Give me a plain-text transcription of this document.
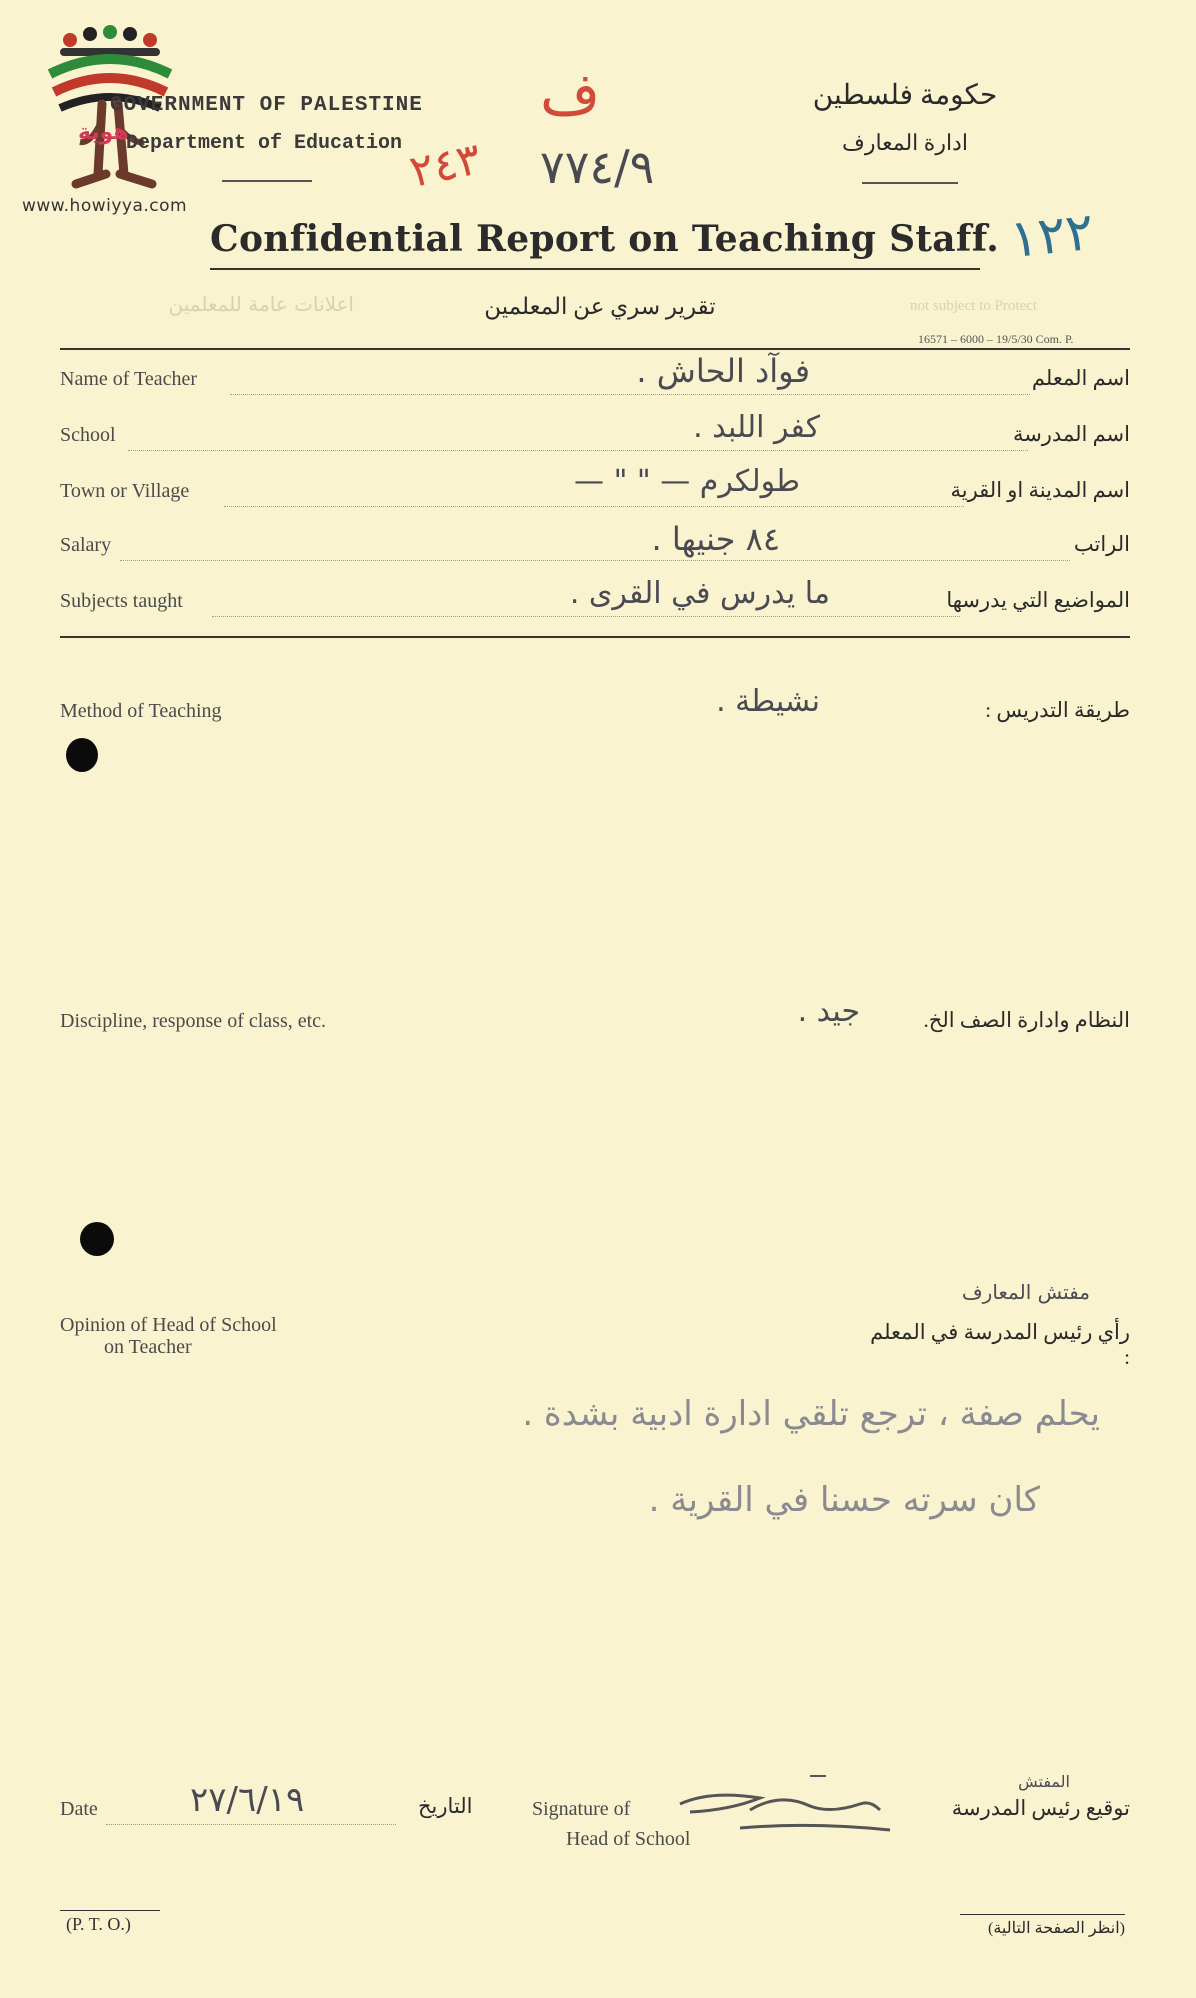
هوية
www.howiyya.com
GOVERNMENT OF PALESTINE
Department of Education
حكومة فلسطين
ادارة المعارف
ف
٢٤٣ ٧٧٤/٩
١٢٢
Confidential Report on Teaching Staff.
اعلانات عامة للمعلمين	تقرير سري عن المعلمين	not subject to Protect
16571 – 6000 – 19/5/30 Com. P.
Name of Teacher	فوآد الحاش .	اسم المعلم
School	كفر اللبد .	اسم المدرسة
Town or Village	طولكرم — " " —	اسم المدينة او القرية
Salary	٨٤ جنيها .	الراتب
Subjects taught	ما يدرس في القرى .	المواضيع التي يدرسها
Method of Teaching	نشيطة .	طريقة التدريس :
Discipline, response of class, etc.	جيد .	النظام وادارة الصف الخ.
Opinion of Head of School
on Teacher
مفتش المعارف
رأي رئيس المدرسة في المعلم :
يحلم صفة ، ترجع تلقي ادارة ادبية بشدة .
كان سرته حسنا في القرية .
Date	٢٧/٦/١٩	التاريخ	Signature of
Head of School
المفتش
توقيع رئيس المدرسة
(P. T. O.)	(انظر الصفحة التالية)
